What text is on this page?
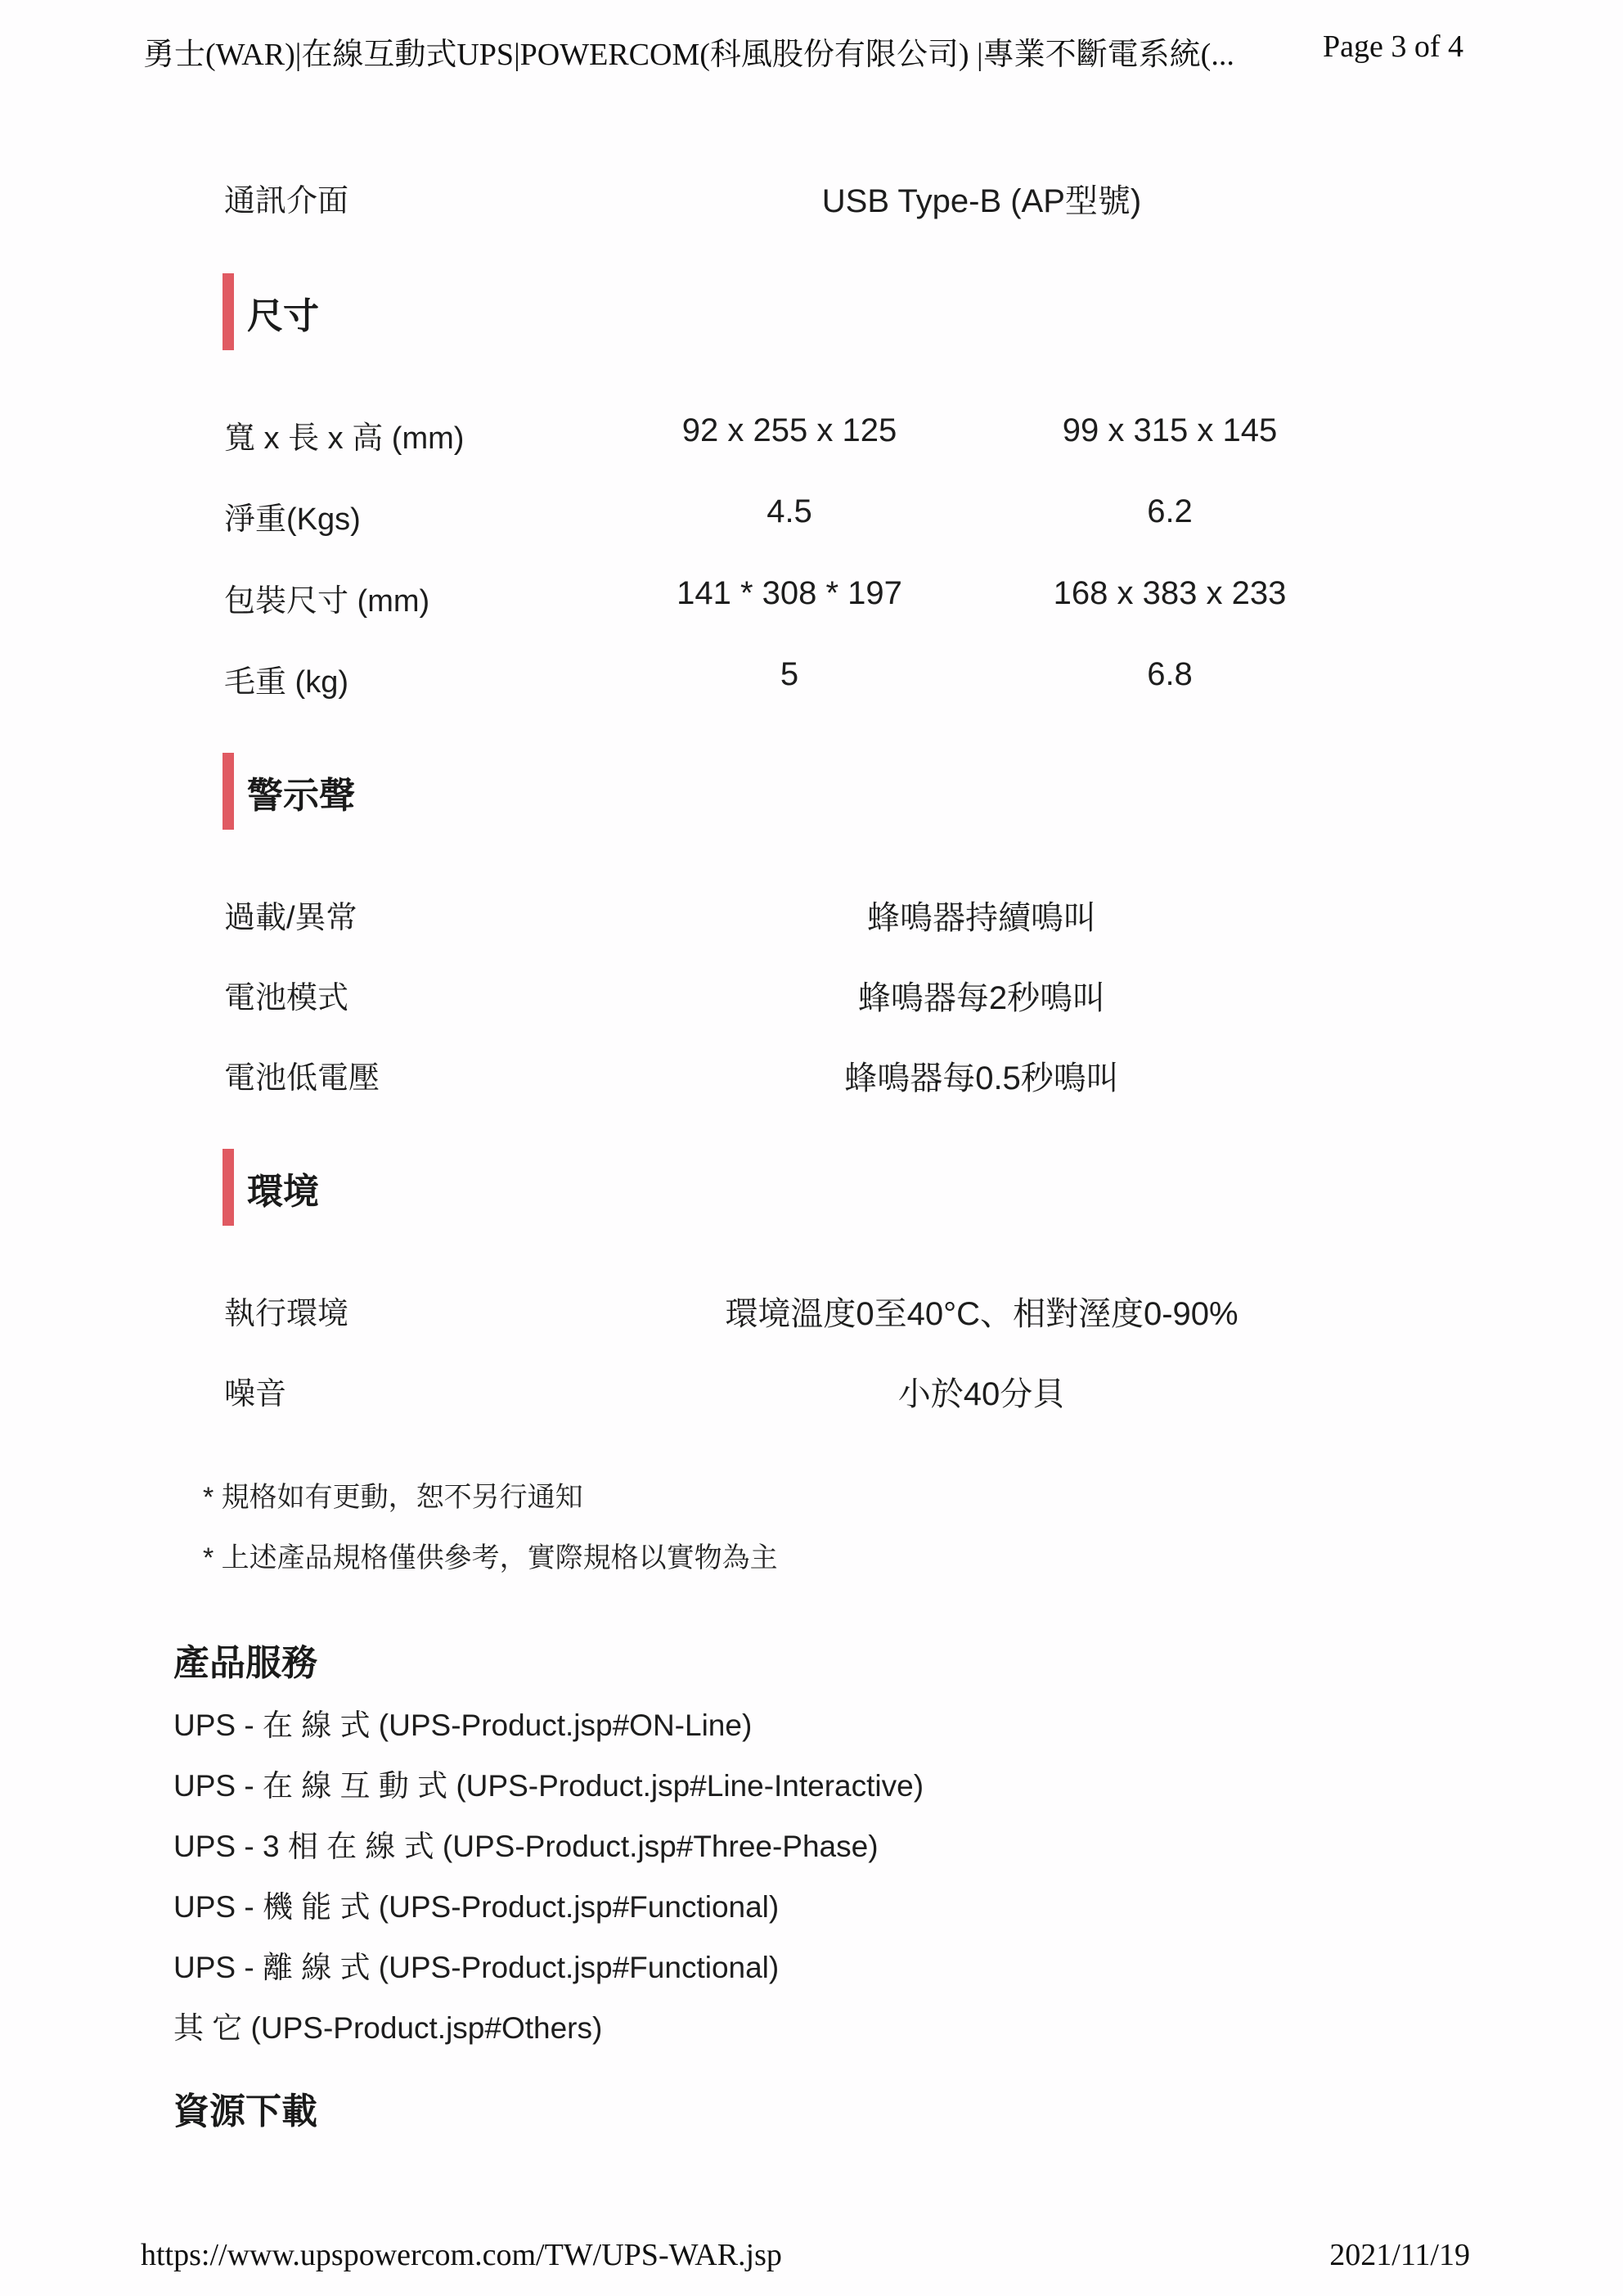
勇士(WAR)|在線互動式UPS|POWERCOM(科風股份有限公司) |專業不斷電系統(...	Page 3 of 4
通訊介面	USB Type-B (AP型號)
尺寸
寬 x 長 x 高 (mm)	92 x 255 x 125	99 x 315 x 145
淨重(Kgs)	4.5	6.2
包裝尺寸 (mm)	141 * 308 * 197	168 x 383 x 233
毛重 (kg)	5	6.8
警示聲
過載/異常	蜂鳴器持續鳴叫
電池模式	蜂鳴器每2秒鳴叫
電池低電壓	蜂鳴器每0.5秒鳴叫
環境
執行環境	環境溫度0至40°C、相對溼度0-90%
噪音	小於40分貝
* 規格如有更動，恕不另行通知
* 上述產品規格僅供參考，實際規格以實物為主
產品服務
UPS - 在 線 式 (UPS-Product.jsp#ON-Line)
UPS - 在 線 互 動 式 (UPS-Product.jsp#Line-Interactive)
UPS - 3 相 在 線 式 (UPS-Product.jsp#Three-Phase)
UPS - 機 能 式 (UPS-Product.jsp#Functional)
UPS - 離 線 式 (UPS-Product.jsp#Functional)
其 它 (UPS-Product.jsp#Others)
資源下載
https://www.upspowercom.com/TW/UPS-WAR.jsp	2021/11/19
